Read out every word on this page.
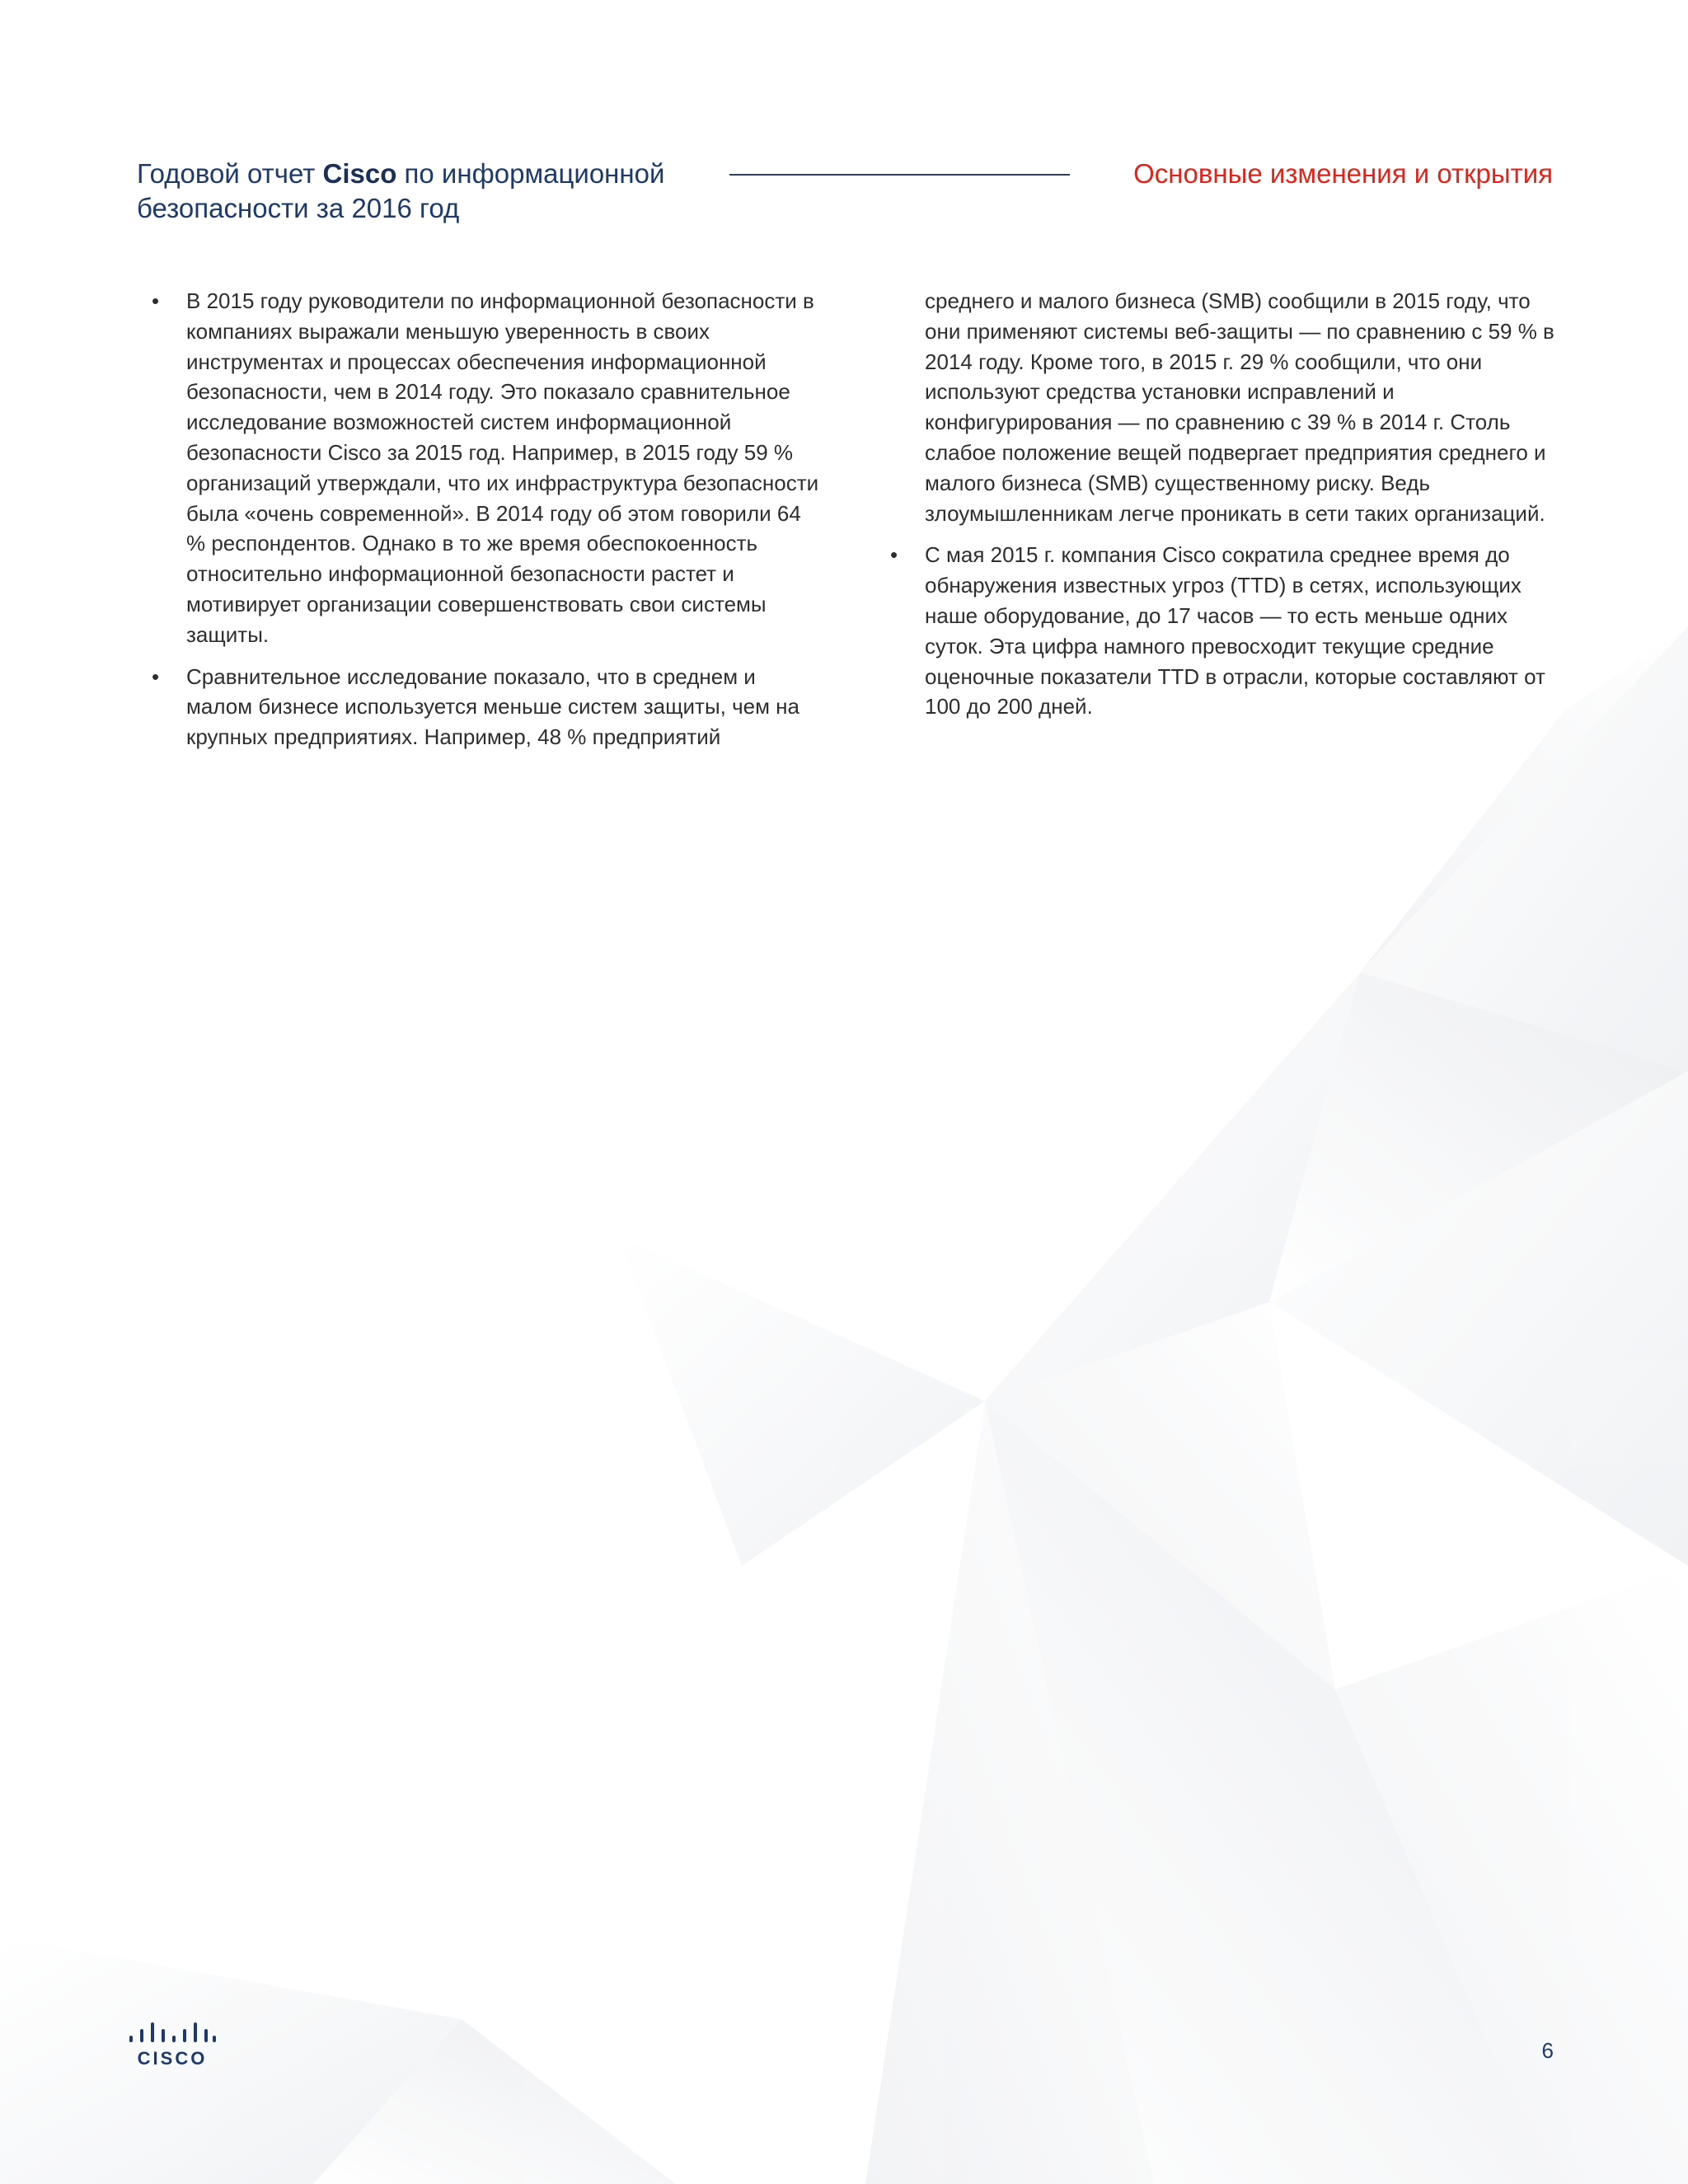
Годовой отчет Cisco по информационной безопасности за 2016 год
Основные изменения и открытия
• В 2015 году руководители по информационной безопасности в компаниях выражали меньшую уверенность в своих инструментах и процессах обеспечения информационной безопасности, чем в 2014 году. Это показало сравнительное исследование возможностей систем информационной безопасности Cisco за 2015 год. Например, в 2015 году 59 % организаций утверждали, что их инфраструктура безопасности была «очень современной». В 2014 году об этом говорили 64 % респондентов. Однако в то же время обеспокоенность относительно информационной безопасности растет и мотивирует организации совершенствовать свои системы защиты.
• Сравнительное исследование показало, что в среднем и малом бизнесе используется меньше систем защиты, чем на крупных предприятиях. Например, 48 % предприятий
среднего и малого бизнеса (SMB) сообщили в 2015 году, что они применяют системы веб-защиты — по сравнению с 59 % в 2014 году. Кроме того, в 2015 г. 29 % сообщили, что они используют средства установки исправлений и конфигурирования — по сравнению с 39 % в 2014 г. Столь слабое положение вещей подвергает предприятия среднего и малого бизнеса (SMB) существенному риску. Ведь злоумышленникам легче проникать в сети таких организаций.
• С мая 2015 г. компания Cisco сократила среднее время до обнаружения известных угроз (TTD) в сетях, использующих наше оборудование, до 17 часов — то есть меньше одних суток. Эта цифра намного превосходит текущие средние оценочные показатели TTD в отрасли, которые составляют от 100 до 200 дней.
CISCO	6
